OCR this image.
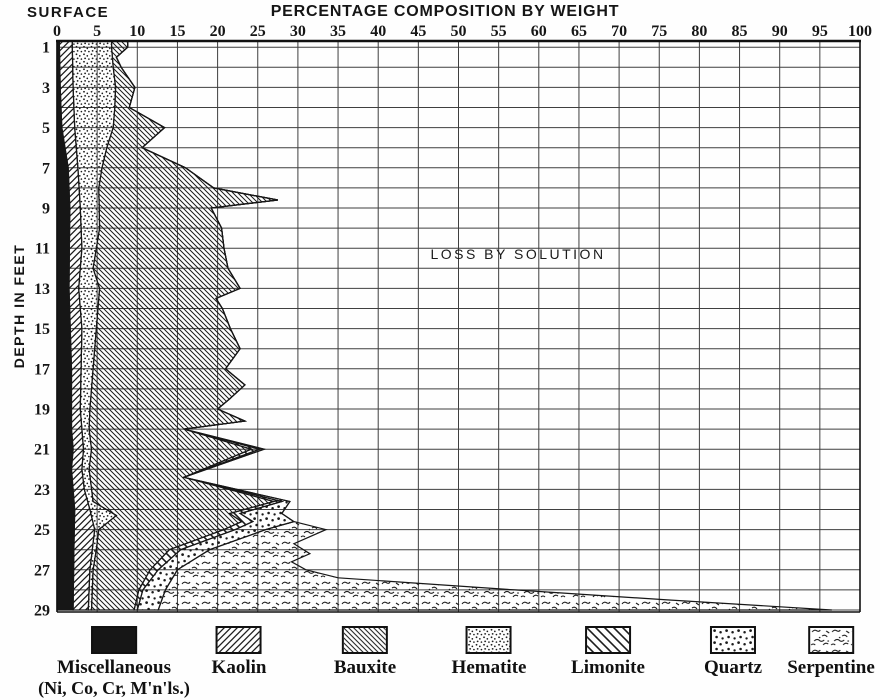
SURFACE	PERCENTAGE COMPOSITION BY WEIGHT
DEPTH IN FEET
0 5 10 15 20 25 30 35 40 45 50 55 60 65 70 75 80 85 90 95 100
1
3
5
7
9
11
13
15
17
19
21
23
25
27
29
LOSS BY SOLUTION
Miscellaneous
(Ni, Co, Cr, M'n'ls.)
Kaolin	Bauxite	Hematite Limonite	Quartz Serpentine
